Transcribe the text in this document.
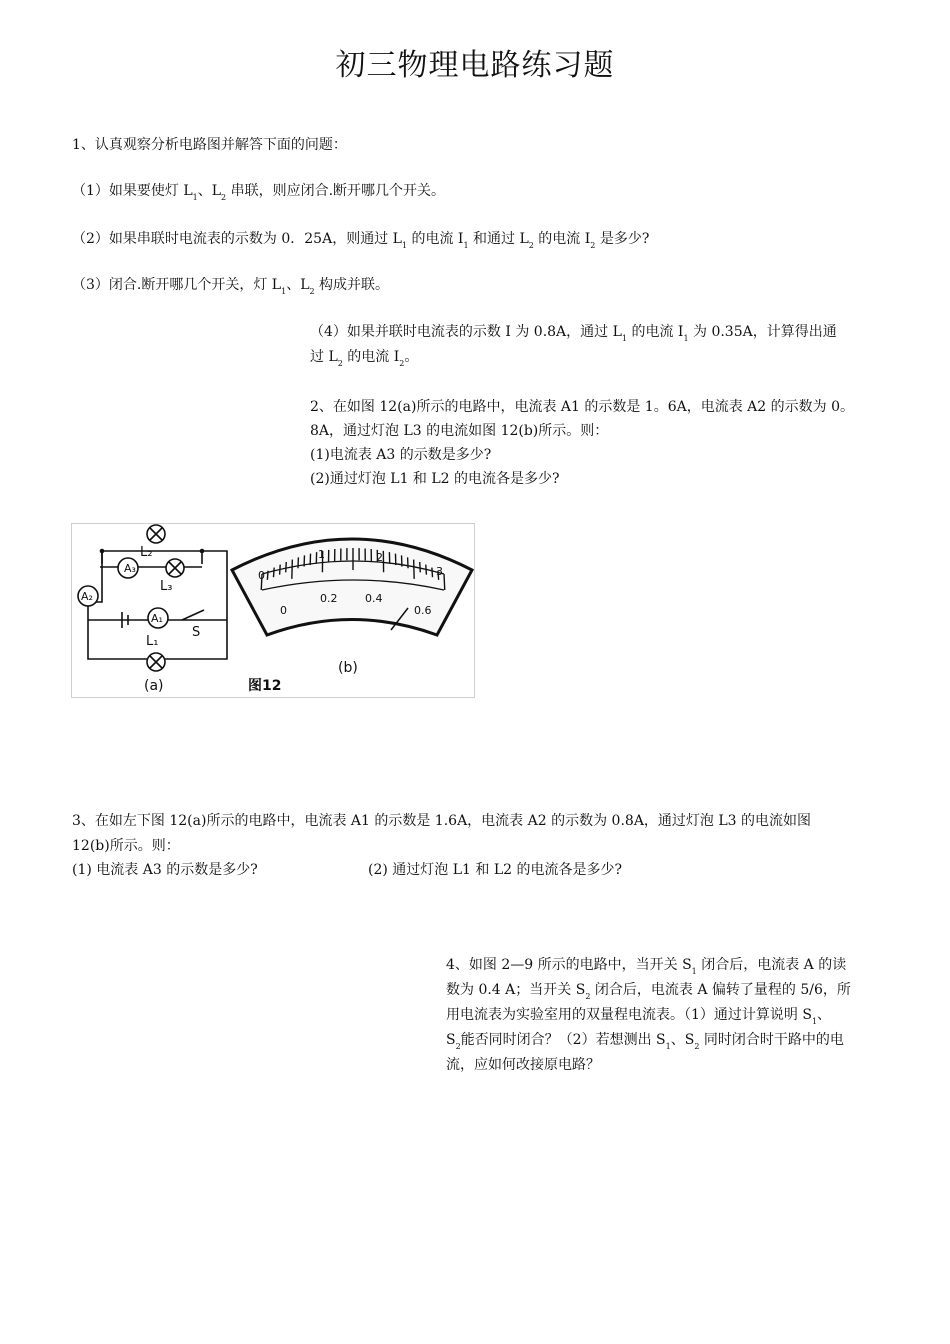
初三物理电路练习题
1、认真观察分析电路图并解答下面的问题：
（1）如果要使灯 $L_1$、$L_2$ 串联，则应闭合.断开哪几个开关。
（2）如果串联时电流表的示数为 0．25A，则通过 $L_1$ 的电流 $I_1$ 和通过 $L_2$ 的电流 $I_2$ 是多少?
（3）闭合.断开哪几个开关，灯 $L_1$、$L_2$ 构成并联。
（4）如果并联时电流表的示数 I 为 0.8A，通过 $L_1$ 的电流 $I_1$ 为 0.35A，计算得出通
过 $L_2$ 的电流 $I_2$。
2、在如图 12(a)所示的电路中，电流表 A1 的示数是 1。6A，电流表 A2 的示数为 0。
8A，通过灯泡 L3 的电流如图 12(b)所示。则：
(1)电流表 A3 的示数是多少?
(2)通过灯泡 L1 和 L2 的电流各是多少?
A₃
A₂
A₁
L₂
L₃
L₁
S
(a)
(b)
图12
0
1	2
3
0
0.2	0.4
0.6
3、在如左下图 12(a)所示的电路中，电流表 A1 的示数是 1.6A，电流表 A2 的示数为 0.8A，通过灯泡 L3 的电流如图
12(b)所示。则：
(1) 电流表 A3 的示数是多少?	(2) 通过灯泡 L1 和 L2 的电流各是多少?
4、如图 2—9 所示的电路中，当开关 $S_1$ 闭合后，电流表 A 的读
数为 0.4 A；当开关 $S_2$ 闭合后，电流表 A 偏转了量程的 5/6，所
用电流表为实验室用的双量程电流表。（1）通过计算说明 $S_1$、
$S_2$能否同时闭合？（2）若想测出 $S_1$、$S_2$ 同时闭合时干路中的电
流，应如何改接原电路？
